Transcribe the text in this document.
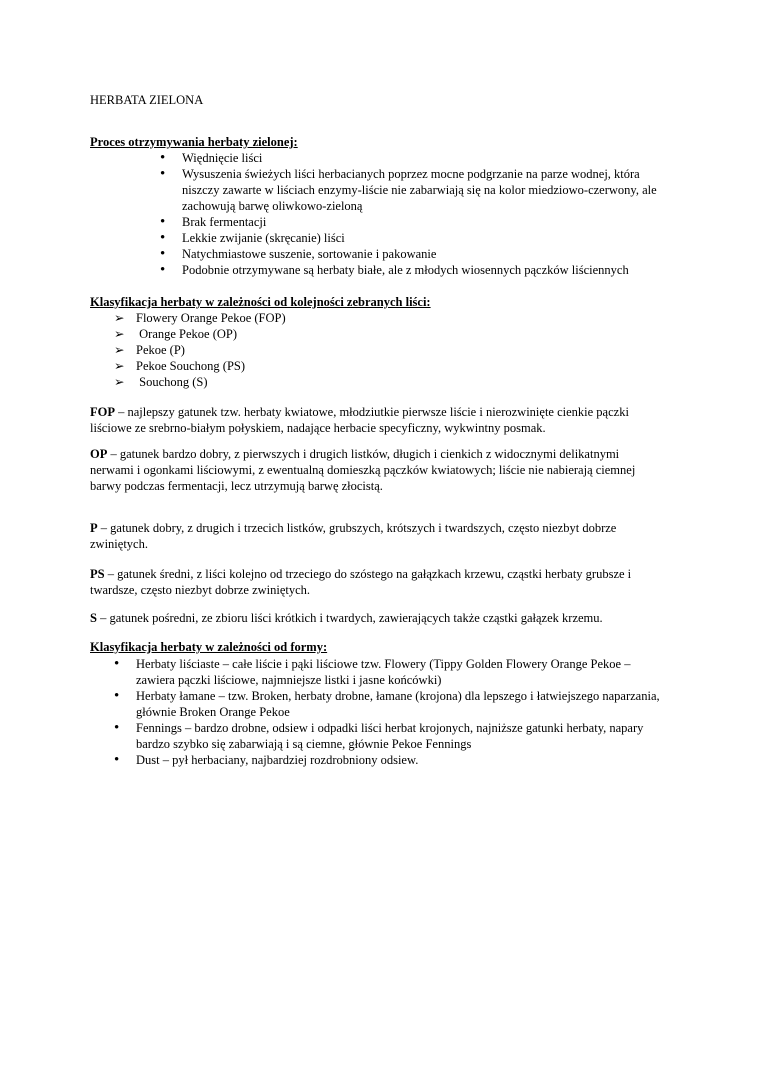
HERBATA ZIELONA
Proces otrzymywania herbaty zielonej:
•
Więdnięcie liści
•
Wysuszenia świeżych liści herbacianych poprzez mocne podgrzanie na parze wodnej, która niszczy zawarte w liściach enzymy-liście nie zabarwiają się na kolor miedziowo-czerwony, ale zachowują barwę oliwkowo-zieloną
•
Brak fermentacji
•
Lekkie zwijanie (skręcanie) liści
•
Natychmiastowe suszenie, sortowanie i pakowanie
•
Podobnie otrzymywane są herbaty białe, ale z młodych wiosennych pączków liściennych
Klasyfikacja herbaty w zależności od kolejności zebranych liści:
➢ Flowery Orange Pekoe (FOP)
➢ Orange Pekoe (OP)
➢ Pekoe (P)
➢ Pekoe Souchong (PS)
➢ Souchong (S)
FOP – najlepszy gatunek tzw. herbaty kwiatowe, młodziutkie pierwsze liście i nierozwinięte cienkie pączki liściowe ze srebrno-białym połyskiem, nadające herbacie specyficzny, wykwintny posmak.
OP – gatunek bardzo dobry, z pierwszych i drugich listków, długich i cienkich z widocznymi delikatnymi nerwami i ogonkami liściowymi, z ewentualną domieszką pączków kwiatowych; liście nie nabierają ciemnej barwy podczas fermentacji, lecz utrzymują barwę złocistą.
P – gatunek dobry, z drugich i trzecich listków, grubszych, krótszych i twardszych, często niezbyt dobrze zwiniętych.
PS – gatunek średni, z liści kolejno od trzeciego do szóstego na gałązkach krzewu, cząstki herbaty grubsze i twardsze, często niezbyt dobrze zwiniętych.
S – gatunek pośredni, ze zbioru liści krótkich i twardych, zawierających także cząstki gałązek krzemu.
Klasyfikacja herbaty w zależności od formy:
•
Herbaty liściaste – całe liście i pąki liściowe tzw. Flowery (Tippy Golden Flowery Orange Pekoe – zawiera pączki liściowe, najmniejsze listki i jasne końcówki)
•
Herbaty łamane – tzw. Broken, herbaty drobne, łamane (krojona) dla lepszego i łatwiejszego naparzania, głównie Broken Orange Pekoe
•
Fennings – bardzo drobne, odsiew i odpadki liści herbat krojonych, najniższe gatunki herbaty, napary bardzo szybko się zabarwiają i są ciemne, głównie Pekoe Fennings
•
Dust – pył herbaciany, najbardziej rozdrobniony odsiew.
